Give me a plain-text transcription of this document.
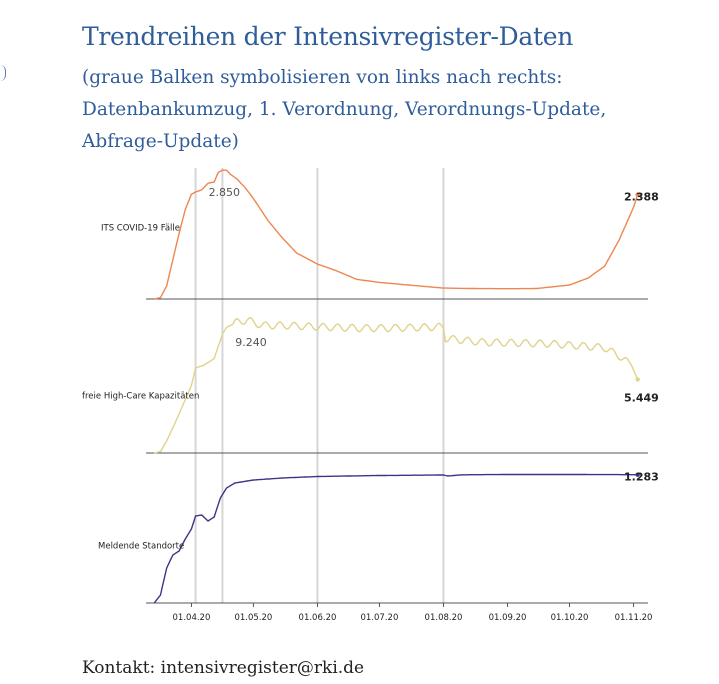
Trendreihen der Intensivregister-Daten

(graue Balken symbolisieren von links nach rechts:
Datenbankumzug, 1. Verordnung, Verordnungs-Update,
Abfrage-Update)

2.388
2.850
ITS COVID-19 Fälle
5.449
9.240
freie High-Care Kapazitäten
1.283
Meldende Standorte
01.04.20	01.05.20	01.06.20	01.07.20	01.08.20	01.09.20	01.10.20	01.11.20

Kontakt: intensivregister@rki.de
